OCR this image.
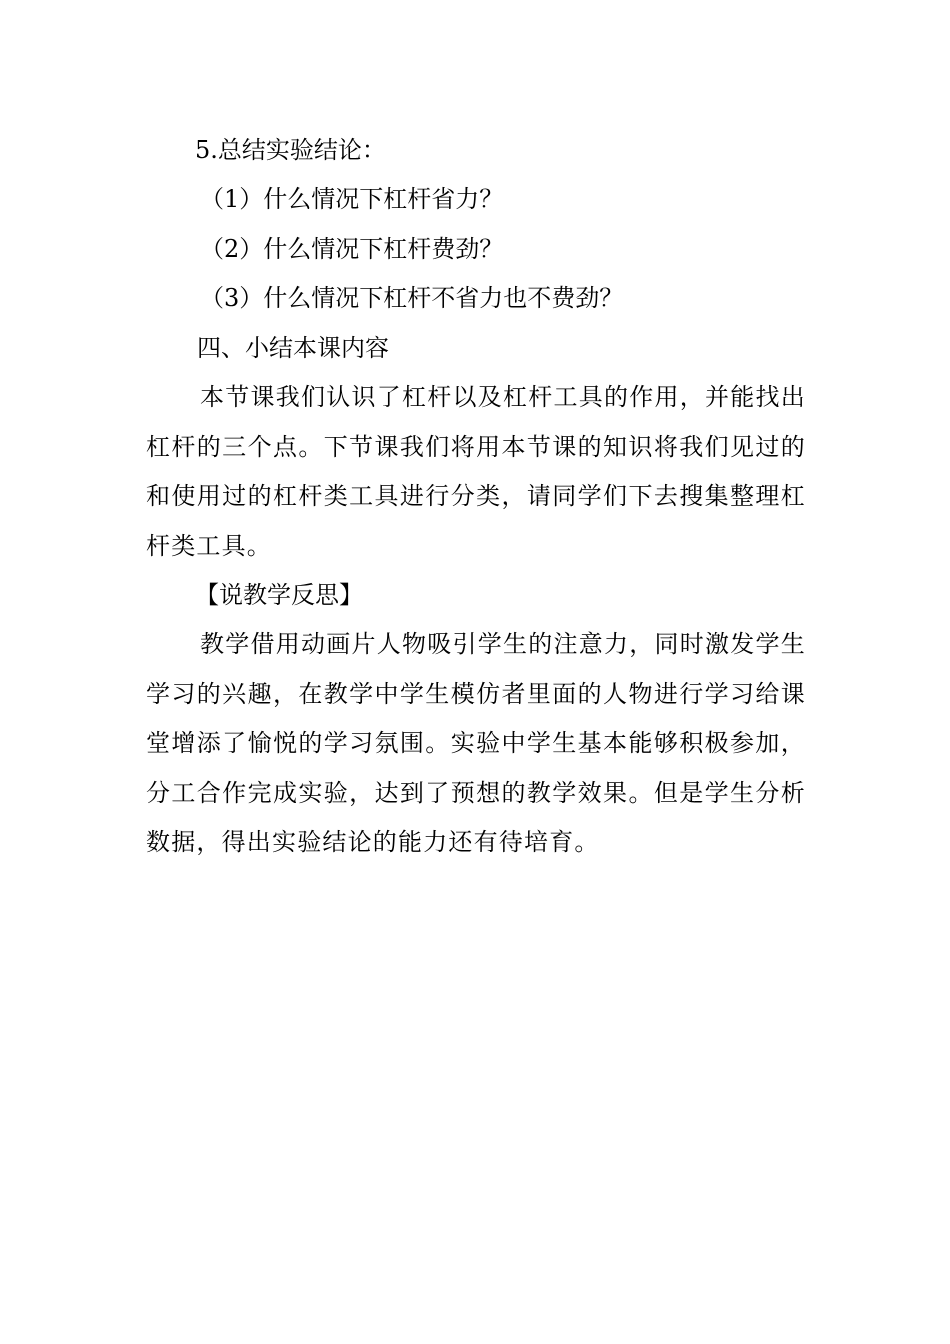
5.总结实验结论：
（1）什么情况下杠杆省力？
（2）什么情况下杠杆费劲？
（3）什么情况下杠杆不省力也不费劲？
四、小结本课内容
本节课我们认识了杠杆以及杠杆工具的作用，并能找出杠杆的三个点。下节课我们将用本节课的知识将我们见过的和使用过的杠杆类工具进行分类，请同学们下去搜集整理杠杆类工具。
【说教学反思】
教学借用动画片人物吸引学生的注意力，同时激发学生学习的兴趣，在教学中学生模仿者里面的人物进行学习给课堂增添了愉悦的学习氛围。实验中学生基本能够积极参加，分工合作完成实验，达到了预想的教学效果。但是学生分析数据，得出实验结论的能力还有待培育。
